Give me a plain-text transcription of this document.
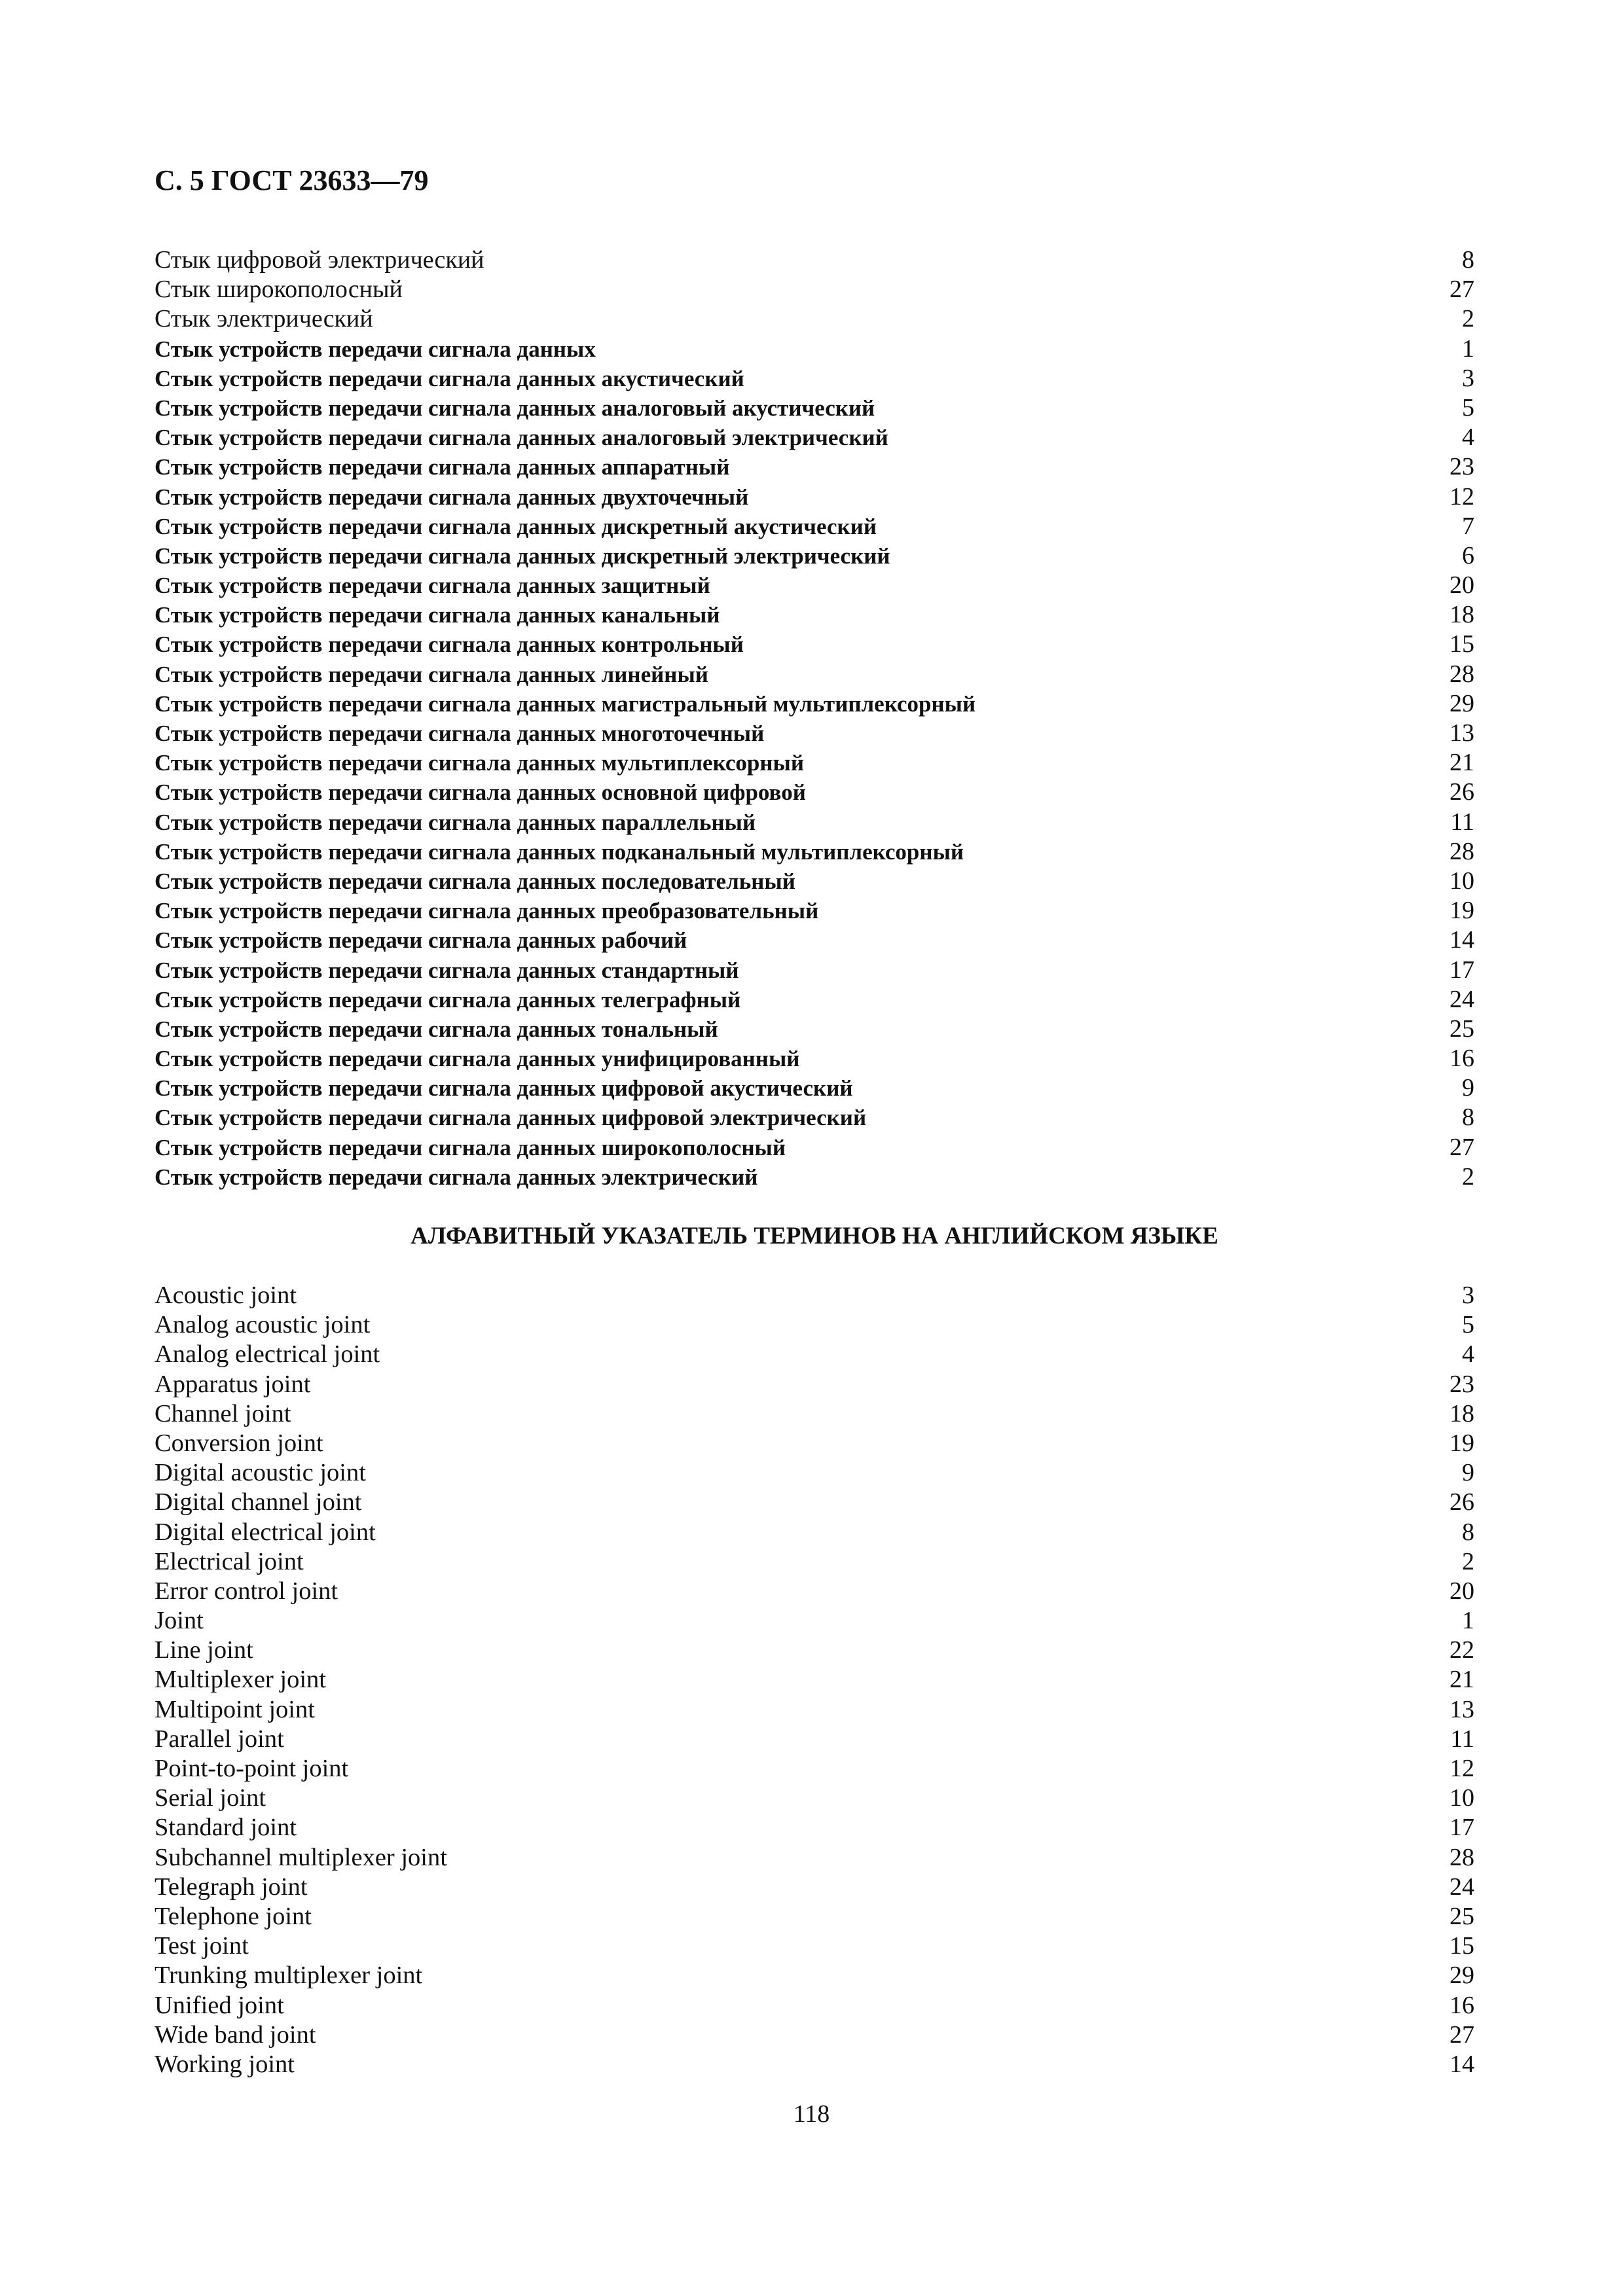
С. 5 ГОСТ 23633—79
Стык цифровой электрический	8
Стык широкополосный	27
Стык электрический	2
Стык устройств передачи сигнала данных	1
Стык устройств передачи сигнала данных акустический	3
Стык устройств передачи сигнала данных аналоговый акустический	5
Стык устройств передачи сигнала данных аналоговый электрический	4
Стык устройств передачи сигнала данных аппаратный	23
Стык устройств передачи сигнала данных двухточечный	12
Стык устройств передачи сигнала данных дискретный акустический	7
Стык устройств передачи сигнала данных дискретный электрический	6
Стык устройств передачи сигнала данных защитный	20
Стык устройств передачи сигнала данных канальный	18
Стык устройств передачи сигнала данных контрольный	15
Стык устройств передачи сигнала данных линейный	28
Стык устройств передачи сигнала данных магистральный мультиплексорный	29
Стык устройств передачи сигнала данных многоточечный	13
Стык устройств передачи сигнала данных мультиплексорный	21
Стык устройств передачи сигнала данных основной цифровой	26
Стык устройств передачи сигнала данных параллельный	11
Стык устройств передачи сигнала данных подканальный мультиплексорный	28
Стык устройств передачи сигнала данных последовательный	10
Стык устройств передачи сигнала данных преобразовательный	19
Стык устройств передачи сигнала данных рабочий	14
Стык устройств передачи сигнала данных стандартный	17
Стык устройств передачи сигнала данных телеграфный	24
Стык устройств передачи сигнала данных тональный	25
Стык устройств передачи сигнала данных унифицированный	16
Стык устройств передачи сигнала данных цифровой акустический	9
Стык устройств передачи сигнала данных цифровой электрический	8
Стык устройств передачи сигнала данных широкополосный	27
Стык устройств передачи сигнала данных электрический	2
АЛФАВИТНЫЙ УКАЗАТЕЛЬ ТЕРМИНОВ НА АНГЛИЙСКОМ ЯЗЫКЕ
Acoustic joint	3
Analog acoustic joint	5
Analog electrical joint	4
Apparatus joint	23
Channel joint	18
Conversion joint	19
Digital acoustic joint	9
Digital channel joint	26
Digital electrical joint	8
Electrical joint	2
Error control joint	20
Joint	1
Line joint	22
Multiplexer joint	21
Multipoint joint	13
Parallel joint	11
Point-to-point joint	12
Serial joint	10
Standard joint	17
Subchannel multiplexer joint	28
Telegraph joint	24
Telephone joint	25
Test joint	15
Trunking multiplexer joint	29
Unified joint	16
Wide band joint	27
Working joint	14
118
